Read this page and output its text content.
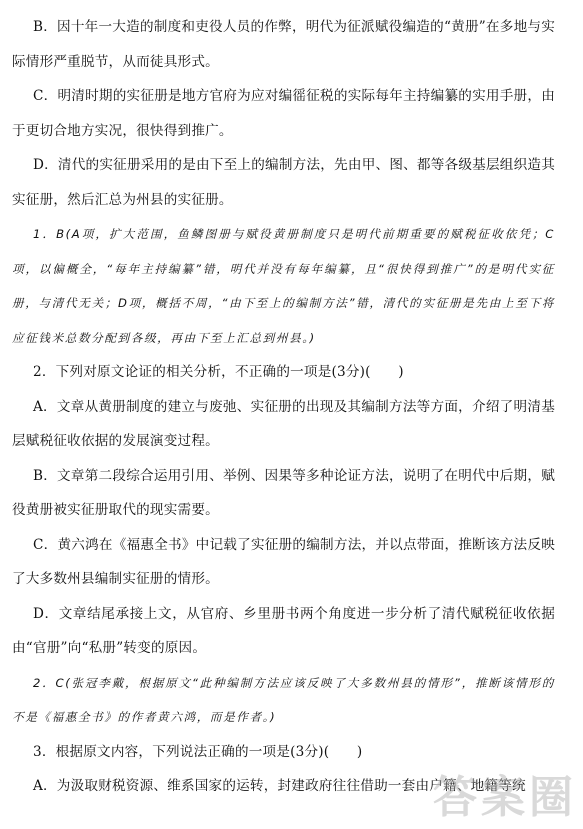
B．因十年一大造的制度和吏役人员的作弊，明代为征派赋役编造的“黄册”在多地与实际情形严重脱节，从而徒具形式。

C．明清时期的实征册是地方官府为应对编徭征税的实际每年主持编纂的实用手册，由于更切合地方实况，很快得到推广。

D．清代的实征册采用的是由下至上的编制方法，先由甲、图、都等各级基层组织造其实征册，然后汇总为州县的实征册。

1．B(A项，扩大范围，鱼鳞图册与赋役黄册制度只是明代前期重要的赋税征收依凭；C项，以偏概全，“每年主持编纂”错，明代并没有每年编纂，且“很快得到推广”的是明代实征册，与清代无关；D项，概括不周，“由下至上的编制方法”错，清代的实征册是先由上至下将应征钱米总数分配到各级，再由下至上汇总到州县。)

2．下列对原文论证的相关分析，不正确的一项是(3分)(　　)

A．文章从黄册制度的建立与废弛、实征册的出现及其编制方法等方面，介绍了明清基层赋税征收依据的发展演变过程。

B．文章第二段综合运用引用、举例、因果等多种论证方法，说明了在明代中后期，赋役黄册被实征册取代的现实需要。

C．黄六鸿在《福惠全书》中记载了实征册的编制方法，并以点带面，推断该方法反映了大多数州县编制实征册的情形。

D．文章结尾承接上文，从官府、乡里册书两个角度进一步分析了清代赋税征收依据由“官册”向“私册”转变的原因。

2．C(张冠李戴，根据原文“此种编制方法应该反映了大多数州县的情形”，推断该情形的不是《福惠全书》的作者黄六鸿，而是作者。)

3．根据原文内容，下列说法正确的一项是(3分)(　　)

A．为汲取财税资源、维系国家的运转，封建政府往往借助一套由户籍、地籍等统

答案圈
